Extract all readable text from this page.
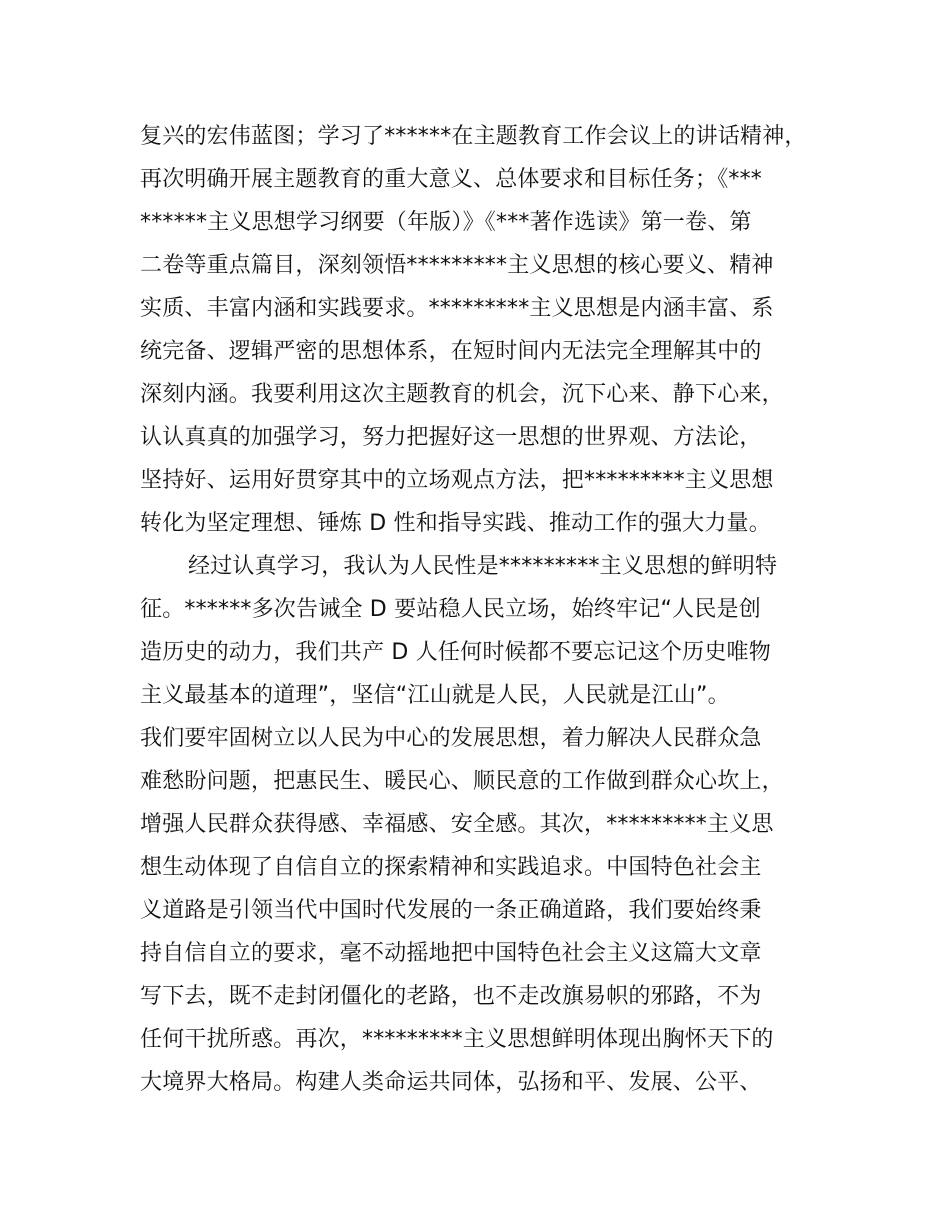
复兴的宏伟蓝图；学习了******在主题教育工作会议上的讲话精神，
再次明确开展主题教育的重大意义、总体要求和目标任务；《***
******主义思想学习纲要（年版）》《***著作选读》第一卷、第
二卷等重点篇目，深刻领悟*********主义思想的核心要义、精神
实质、丰富内涵和实践要求。*********主义思想是内涵丰富、系
统完备、逻辑严密的思想体系，在短时间内无法完全理解其中的
深刻内涵。我要利用这次主题教育的机会，沉下心来、静下心来，
认认真真的加强学习，努力把握好这一思想的世界观、方法论，
坚持好、运用好贯穿其中的立场观点方法，把*********主义思想
转化为坚定理想、锤炼 D 性和指导实践、推动工作的强大力量。
经过认真学习，我认为人民性是*********主义思想的鲜明特
征。******多次告诫全 D 要站稳人民立场，始终牢记“人民是创
造历史的动力，我们共产 D 人任何时候都不要忘记这个历史唯物
主义最基本的道理”，坚信“江山就是人民，人民就是江山”。
我们要牢固树立以人民为中心的发展思想，着力解决人民群众急
难愁盼问题，把惠民生、暖民心、顺民意的工作做到群众心坎上，
增强人民群众获得感、幸福感、安全感。其次，*********主义思
想生动体现了自信自立的探索精神和实践追求。中国特色社会主
义道路是引领当代中国时代发展的一条正确道路，我们要始终秉
持自信自立的要求，毫不动摇地把中国特色社会主义这篇大文章
写下去，既不走封闭僵化的老路，也不走改旗易帜的邪路，不为
任何干扰所惑。再次，*********主义思想鲜明体现出胸怀天下的
大境界大格局。构建人类命运共同体，弘扬和平、发展、公平、
